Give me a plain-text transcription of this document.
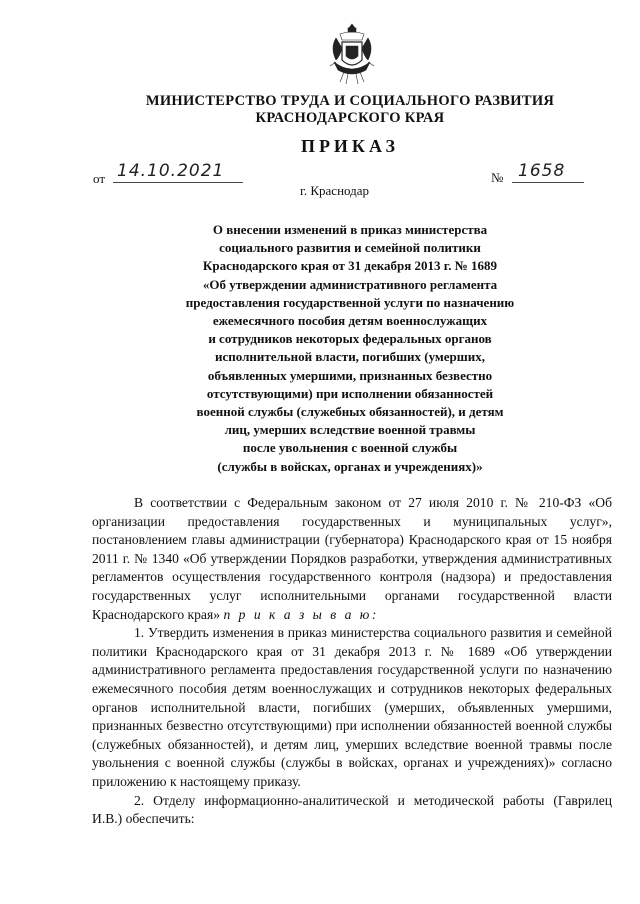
МИНИСТЕРСТВО ТРУДА И СОЦИАЛЬНОГО РАЗВИТИЯ
КРАСНОДАРСКОГО КРАЯ
ПРИКАЗ
от 14.10.2021	№ 1658
г. Краснодар
О внесении изменений в приказ министерства
социального развития и семейной политики
Краснодарского края от 31 декабря 2013 г. № 1689
«Об утверждении административного регламента
предоставления государственной услуги по назначению
ежемесячного пособия детям военнослужащих
и сотрудников некоторых федеральных органов
исполнительной власти, погибших (умерших,
объявленных умершими, признанных безвестно
отсутствующими) при исполнении обязанностей
военной службы (служебных обязанностей), и детям
лиц, умерших вследствие военной травмы
после увольнения с военной службы
(службы в войсках, органах и учреждениях)»

В соответствии с Федеральным законом от 27 июля 2010 г. № 210-ФЗ «Об организации предоставления государственных и муниципальных услуг», постановлением главы администрации (губернатора) Краснодарского края от 15 ноября 2011 г. № 1340 «Об утверждении Порядков разработки, утверждения административных регламентов осуществления государственного контроля (надзора) и предоставления государственных услуг исполнительными органами государственной власти Краснодарского края» п р и к а з ы в а ю:

1. Утвердить изменения в приказ министерства социального развития и семейной политики Краснодарского края от 31 декабря 2013 г. № 1689 «Об утверждении административного регламента предоставления государственной услуги по назначению ежемесячного пособия детям военнослужащих и сотрудников некоторых федеральных органов исполнительной власти, погибших (умерших, объявленных умершими, признанных безвестно отсутствующими) при исполнении обязанностей военной службы (служебных обязанностей), и детям лиц, умерших вследствие военной травмы после увольнения с военной службы (службы в войсках, органах и учреждениях)» согласно приложению к настоящему приказу.

2. Отделу информационно-аналитической и методической работы (Гаврилец И.В.) обеспечить:
